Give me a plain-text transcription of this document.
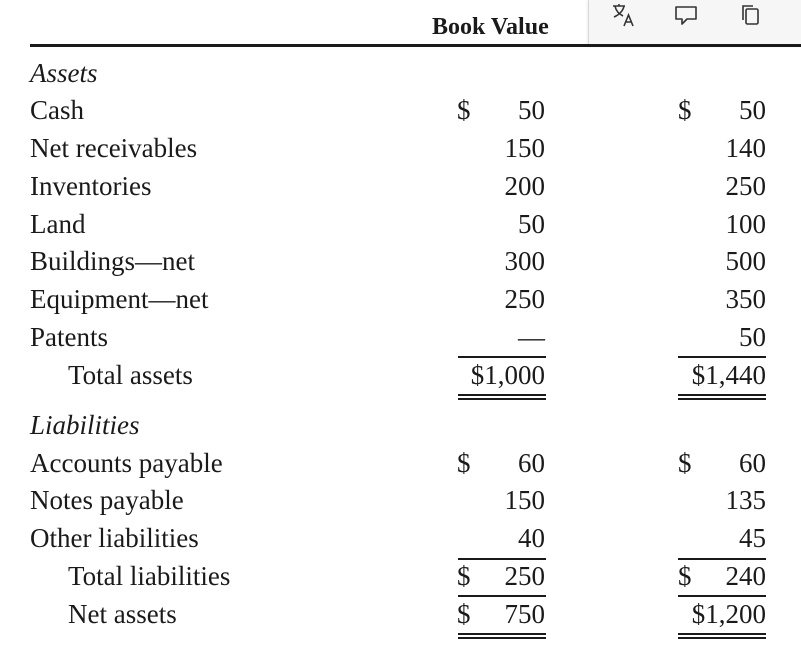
Book Value
Assets
Cash	$ 50	$ 50
Net receivables	150	140
Inventories	200	250
Land	50	100
Buildings—net	300	500
Equipment—net	250	350
Patents	—	50
Total assets	$1,000	$1,440
Liabilities
Accounts payable	$ 60	$ 60
Notes payable	150	135
Other liabilities	40	45
Total liabilities	$ 250	$ 240
Net assets	$ 750	$1,200
